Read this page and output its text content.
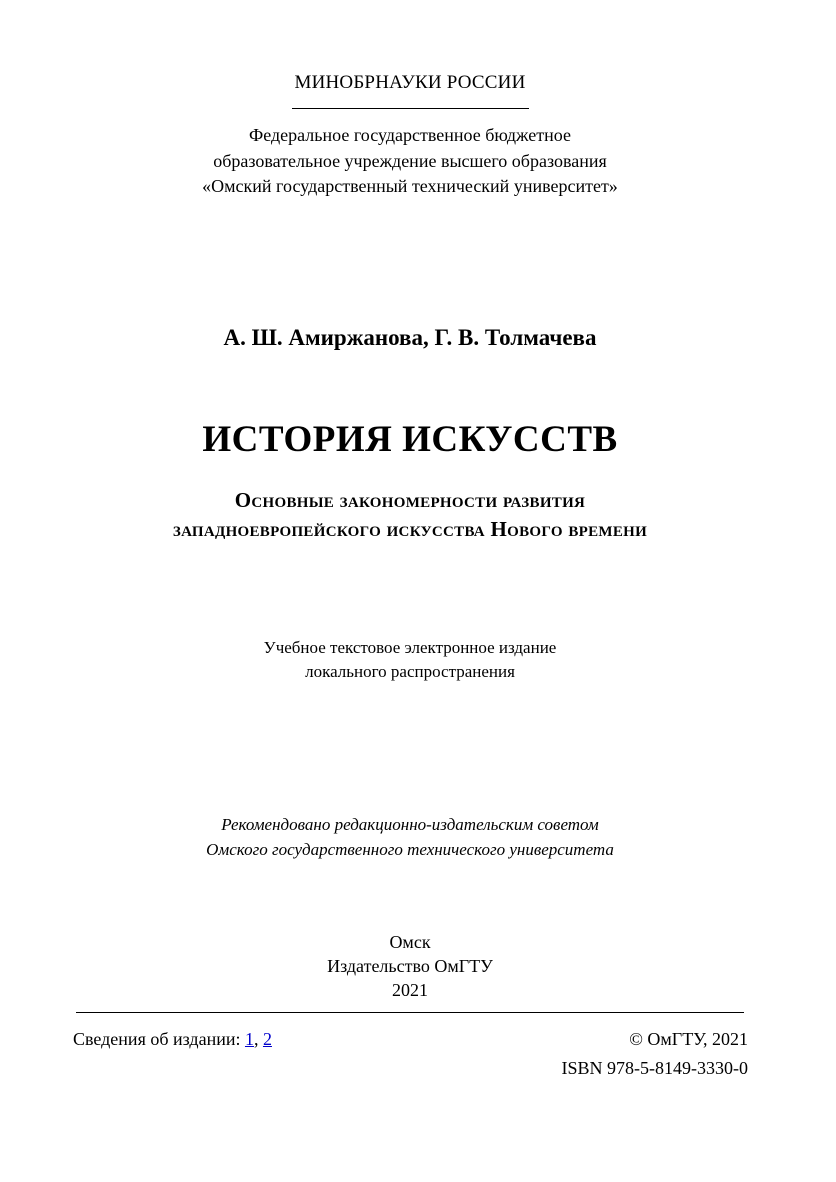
МИНОБРНАУКИ РОССИИ
Федеральное государственное бюджетное
образовательное учреждение высшего образования
«Омский государственный технический университет»
А. Ш. Амиржанова, Г. В. Толмачева
ИСТОРИЯ ИСКУССТВ
Основные закономерности развития
западноевропейского искусства Нового времени
Учебное текстовое электронное издание
локального распространения
Рекомендовано редакционно-издательским советом
Омского государственного технического университета
Омск
Издательство ОмГТУ
2021
Сведения об издании: 1, 2	© ОмГТУ, 2021
ISBN 978-5-8149-3330-0
